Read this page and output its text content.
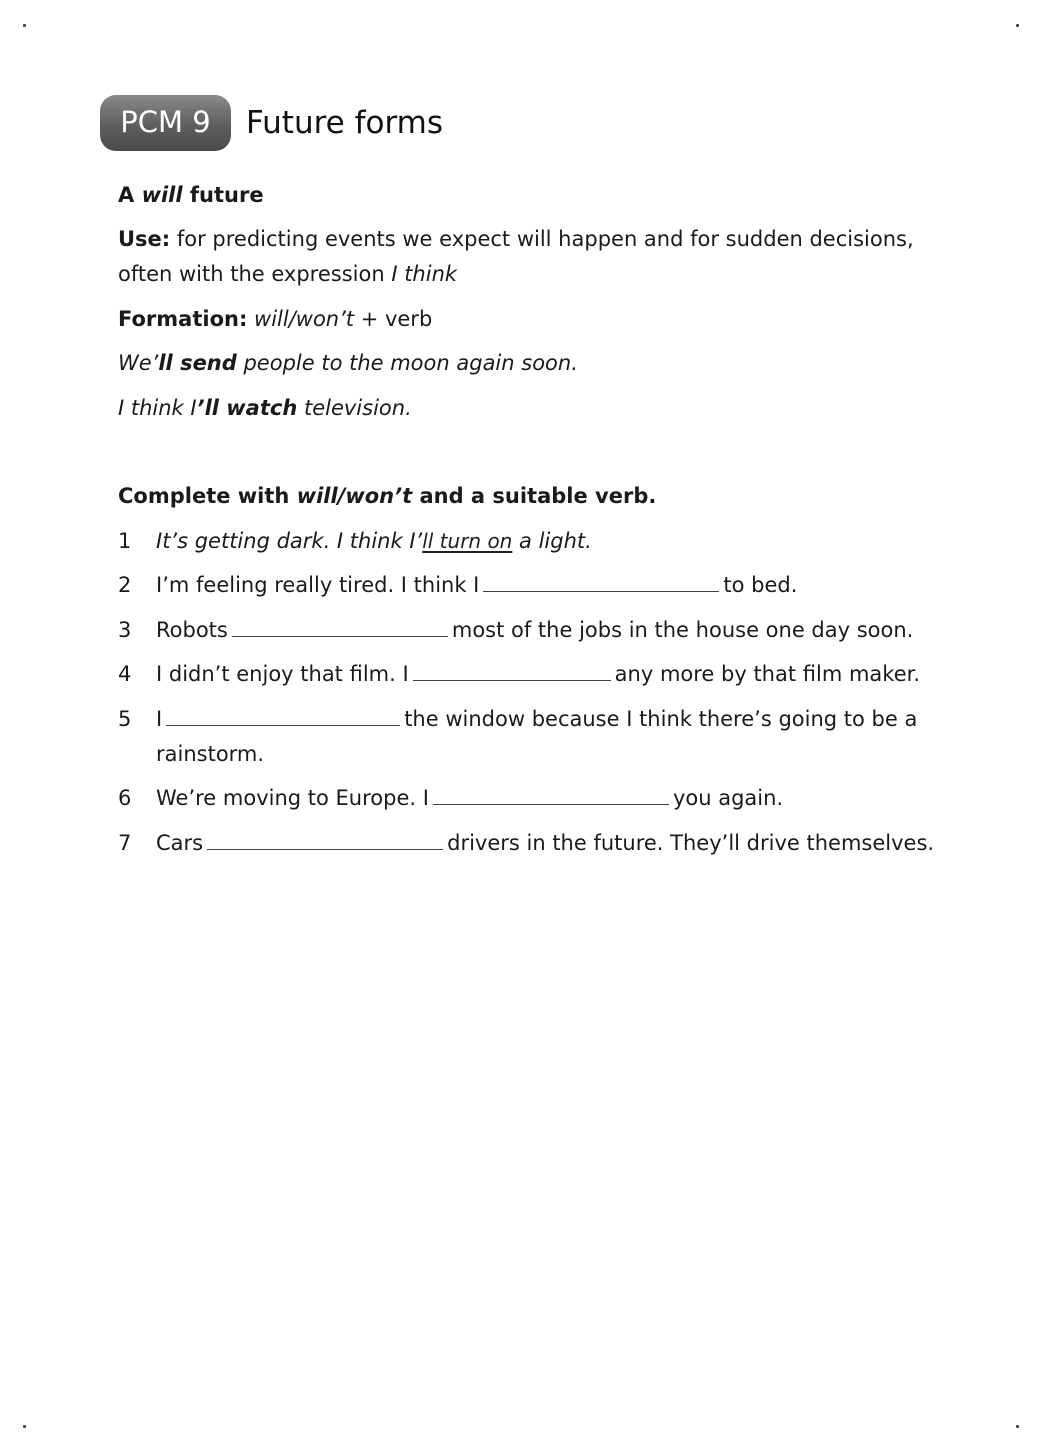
PCM 9	Future forms
A will future
Use: for predicting events we expect will happen and for sudden decisions,
often with the expression I think
Formation: will/won’t + verb
We’ll send people to the moon again soon.
I think I’ll watch television.
Complete with will/won’t and a suitable verb.
1	It’s getting dark. I think I’ll turn on a light.
2	I’m feeling really tired. I think I	to bed.
3	Robots	most of the jobs in the house one day soon.
4	I didn’t enjoy that film. I	any more by that film maker.
5	I	the window because I think there’s going to be a
rainstorm.
6	We’re moving to Europe. I	you again.
7	Cars	drivers in the future. They’ll drive themselves.
